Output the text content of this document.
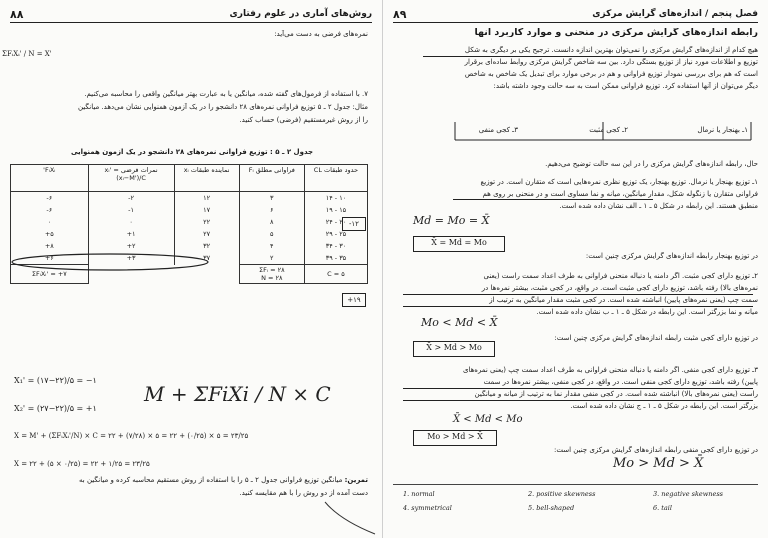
۸۸	روش‌های آماری در علوم رفتاری
نمره‌های فرضی به دست می‌آید:
ΣFᵢXᵢ' / N = X̄'
۷. با استفاده از فرمول‌های گفته شده، میانگین یا به عبارت بهتر میانگین واقعی را محاسبه می‌کنیم.
مثال: جدول ۲ ـ ۵ توزیع فراوانی نمره‌های ۲۸ دانشجو را در یک آزمون همنوایی نشان می‌دهد. میانگین
را از روش غیرمستقیم (فرضی) حساب کنید.
جدول ۲ ـ ۵ : توزیع فراوانی نمره‌های ۲۸ دانشجو در یک آزمون همنوایی
حدود طبقات CL	فراوانی مطلق Fᵢ	نماینده طبقات xᵢ	نمرات فرضی xᵢ' = (xᵢ−M')/C	FᵢXᵢ'
۱۰ - ۱۴	۳	۱۲	۲-	۶-
۱۵ - ۱۹	۶	۱۷	۱-	۶-
۲۰ - ۲۴	۸	۲۲	۰	۰
۲۵ - ۲۹	۵	۲۷	۱+	۵+
۳۰ - ۳۴	۴	۳۲	۲+	۸+
۳۵ - ۳۹	۲	۳۷	۳+	۶+
C = ۵	ΣFᵢ = ۲۸
N = ۲۸			ΣFᵢXᵢ' = +۷
-۱۲
+۱۹
X₁' = (۱۷−۲۲)/۵ = −۱
X₂' = (۲۷−۲۲)/۵ = +۱
X̄ = M' + (ΣFᵢXᵢ'/N) × C = ۲۲ + (۷/۲۸) × ۵ = ۲۲ + (۰/۲۵) × ۵ = ۲۳/۲۵
X̄ = ۲۲ + (۵ × ۰/۲۵) = ۲۲ + ۱/۲۵ = ۲۳/۲۵
M + ΣFiXi / N × C
تمرین: میانگین توزیع فراوانی جدول ۲ ـ ۵ را با استفاده از روش مستقیم محاسبه کرده و میانگین به
دست آمده از دو روش را با هم مقایسه کنید.
۸۹	فصل پنجم / اندازه‌های گرایش مرکزی
رابطه اندازه‌های گرایش مرکزی در منحنی و موارد کاربرد آنها
هیچ کدام از اندازه‌های گرایش مرکزی را نمی‌توان بهترین اندازه دانست. ترجیح یکی بر دیگری به شکل
توزیع و اطلاعات مورد نیاز از توزیع بستگی دارد. بین سه شاخص گرایش مرکزی روابط ساده‌ای برقرار
است که هم برای بررسی نمودار توزیع فراوانی و هم در برخی موارد برای تبدیل یک شاخص به شاخص
دیگر می‌توان از آنها استفاده کرد. توزیع فراوانی ممکن است به سه حالت وجود داشته باشد:
۱ـ بهنجار یا نرمال
۲ـ کجی مثبت
۳ـ کجی منفی
حال، رابطه اندازه‌های گرایش مرکزی را در این سه حالت توضیح می‌دهیم.
۱ـ توزیع بهنجار یا نرمال. توزیع بهنجار، یک توزیع نظری نمره‌هایی است که متقارن است. در توزیع
فراوانی متقارن یا زنگوله شکل، مقدار میانگین، میانه و نما مساوی است و در منحنی بر روی هم
منطبق هستند. این رابطه در شکل ۵ ـ ۱ ـ الف نشان داده شده است.
Md = Mo = X̄
X̄ = Md = Mo
در توزیع بهنجار رابطه اندازه‌های گرایش مرکزی چنین است:
۲ـ توزیع دارای کجی مثبت. اگر دامنه یا دنباله منحنی فراوانی به طرف اعداد سمت راست (یعنی
نمره‌های بالا) رفته باشد، توزیع دارای کجی مثبت است. در واقع، در کجی مثبت، بیشتر نمره‌ها در
سمت چپ (یعنی نمره‌های پایین) انباشته شده است. در کجی مثبت مقدار میانگین به ترتیب از
میانه و نما بزرگتر است. این رابطه در شکل ۵ ـ ۱ ـ ب نشان داده شده است.
Mo < Md < X̄
در توزیع دارای کجی مثبت رابطه اندازه‌های گرایش مرکزی چنین است:
X̄ > Md > Mo
۳ـ توزیع دارای کجی منفی. اگر دامنه یا دنباله منحنی فراوانی به طرف اعداد سمت چپ (یعنی نمره‌های
پایین) رفته باشد، توزیع دارای کجی منفی است. در واقع، در کجی منفی، بیشتر نمره‌ها در سمت
راست (یعنی نمره‌های بالا) انباشته شده است. در کجی منفی مقدار نما به ترتیب از میانه و میانگین
بزرگتر است. این رابطه در شکل ۵ ـ ۱ ـ ج نشان داده شده است.
X̄ < Md < Mo
Mo > Md > X̄
در توزیع دارای کجی منفی رابطه اندازه‌های گرایش مرکزی چنین است:
Mo > Md > X̄
1. normal	2. positive skewness	3. negative skewness
4. symmetrical	5. bell-shaped	6. tail
